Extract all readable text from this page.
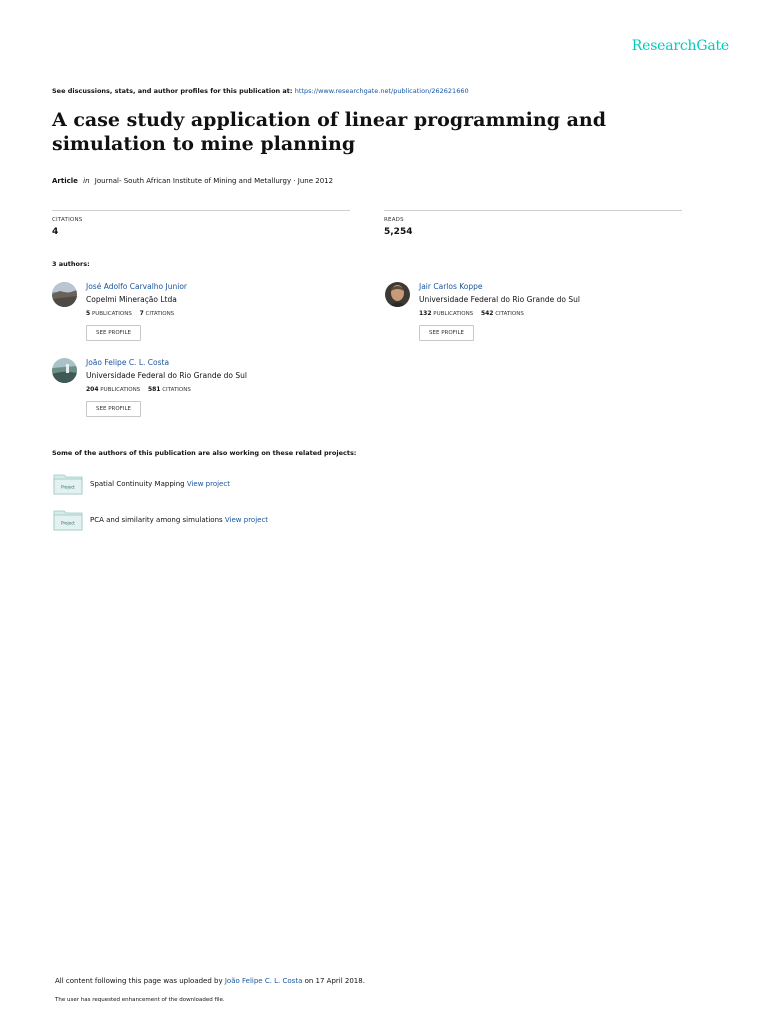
ResearchGate
See discussions, stats, and author profiles for this publication at: https://www.researchgate.net/publication/262621660
A case study application of linear programming and simulation to mine planning
Article in Journal- South African Institute of Mining and Metallurgy · June 2012
CITATIONS
4
READS
5,254
3 authors:
José Adolfo Carvalho Junior
Copelmi Mineração Ltda
5 PUBLICATIONS 7 CITATIONS
SEE PROFILE
Jair Carlos Koppe
Universidade Federal do Rio Grande do Sul
132 PUBLICATIONS 542 CITATIONS
SEE PROFILE
João Felipe C. L. Costa
Universidade Federal do Rio Grande do Sul
204 PUBLICATIONS 581 CITATIONS
SEE PROFILE
Some of the authors of this publication are also working on these related projects:
Project Spatial Continuity Mapping View project
Project PCA and similarity among simulations View project
All content following this page was uploaded by João Felipe C. L. Costa on 17 April 2018.
The user has requested enhancement of the downloaded file.
